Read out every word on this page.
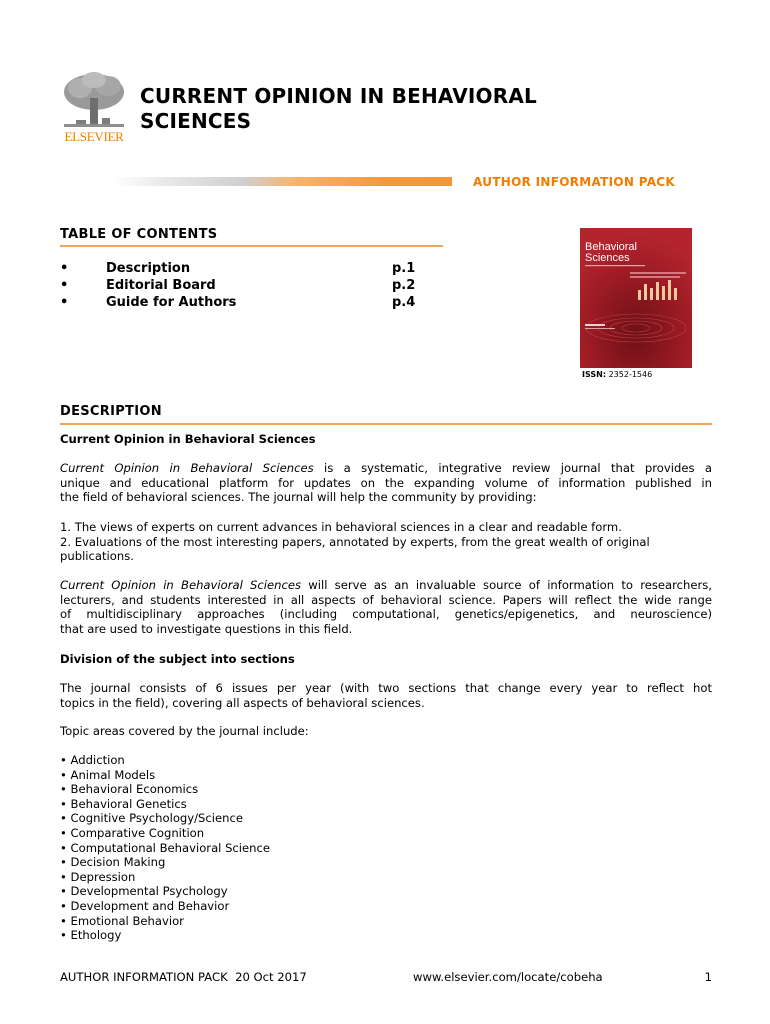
ELSEVIER
CURRENT OPINION IN BEHAVIORAL
SCIENCES
AUTHOR INFORMATION PACK
TABLE OF CONTENTS
•	Description	p.1
•	Editorial Board	p.2
•	Guide for Authors	p.4
Behavioral
Sciences
ISSN: 2352-1546
DESCRIPTION
Current Opinion in Behavioral Sciences
Current Opinion in Behavioral Sciences is a systematic, integrative review journal that provides a
unique and educational platform for updates on the expanding volume of information published in
the field of behavioral sciences. The journal will help the community by providing:
1. The views of experts on current advances in behavioral sciences in a clear and readable form.
2. Evaluations of the most interesting papers, annotated by experts, from the great wealth of original
publications.
Current Opinion in Behavioral Sciences will serve as an invaluable source of information to researchers,
lecturers, and students interested in all aspects of behavioral science. Papers will reflect the wide range
of multidisciplinary approaches (including computational, genetics/epigenetics, and neuroscience)
that are used to investigate questions in this field.
Division of the subject into sections
The journal consists of 6 issues per year (with two sections that change every year to reflect hot
topics in the field), covering all aspects of behavioral sciences.
Topic areas covered by the journal include:
• Addiction
• Animal Models
• Behavioral Economics
• Behavioral Genetics
• Cognitive Psychology/Science
• Comparative Cognition
• Computational Behavioral Science
• Decision Making
• Depression
• Developmental Psychology
• Development and Behavior
• Emotional Behavior
• Ethology
AUTHOR INFORMATION PACK  20 Oct 2017	www.elsevier.com/locate/cobeha	1
